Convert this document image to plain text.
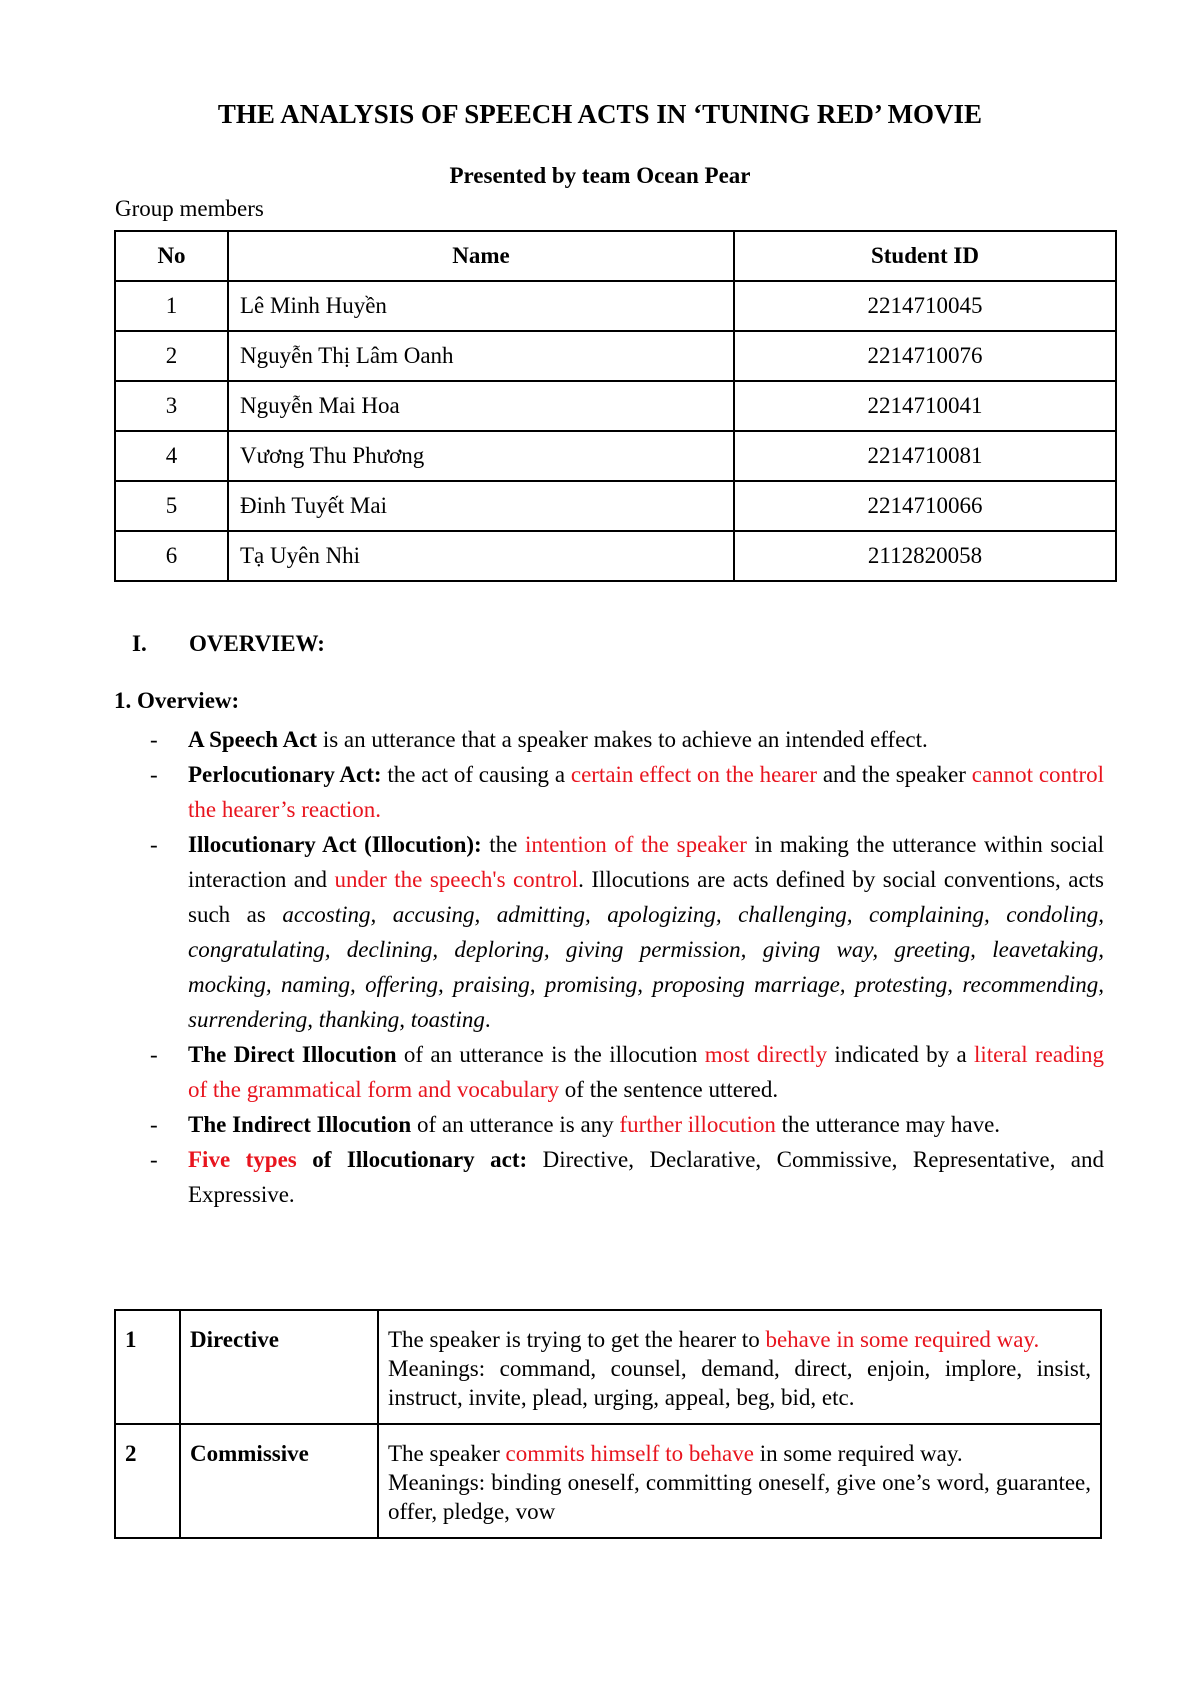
THE ANALYSIS OF SPEECH ACTS IN ‘TUNING RED’ MOVIE
Presented by team Ocean Pear
Group members
No	Name	Student ID
1	Lê Minh Huyền	2214710045
2	Nguyễn Thị Lâm Oanh	2214710076
3	Nguyễn Mai Hoa	2214710041
4	Vương Thu Phương	2214710081
5	Đinh Tuyết Mai	2214710066
6	Tạ Uyên Nhi	2112820058
I. OVERVIEW:
1. Overview:
- A Speech Act is an utterance that a speaker makes to achieve an intended effect.
- Perlocutionary Act: the act of causing a certain effect on the hearer and the speaker cannot control the hearer’s reaction.
- Illocutionary Act (Illocution): the intention of the speaker in making the utterance within social interaction and under the speech's control. Illocutions are acts defined by social conventions, acts such as accosting, accusing, admitting, apologizing, challenging, complaining, condoling, congratulating, declining, deploring, giving permission, giving way, greeting, leavetaking, mocking, naming, offering, praising, promising, proposing marriage, protesting, recommending, surrendering, thanking, toasting.
- The Direct Illocution of an utterance is the illocution most directly indicated by a literal reading of the grammatical form and vocabulary of the sentence uttered.
- The Indirect Illocution of an utterance is any further illocution the utterance may have.
- Five types of Illocutionary act: Directive, Declarative, Commissive, Representative, and Expressive.
1	Directive	The speaker is trying to get the hearer to behave in some required way.
Meanings: command, counsel, demand, direct, enjoin, implore, insist, instruct, invite, plead, urging, appeal, beg, bid, etc.
2	Commissive	The speaker commits himself to behave in some required way.
Meanings: binding oneself, committing oneself, give one’s word, guarantee, offer, pledge, vow
